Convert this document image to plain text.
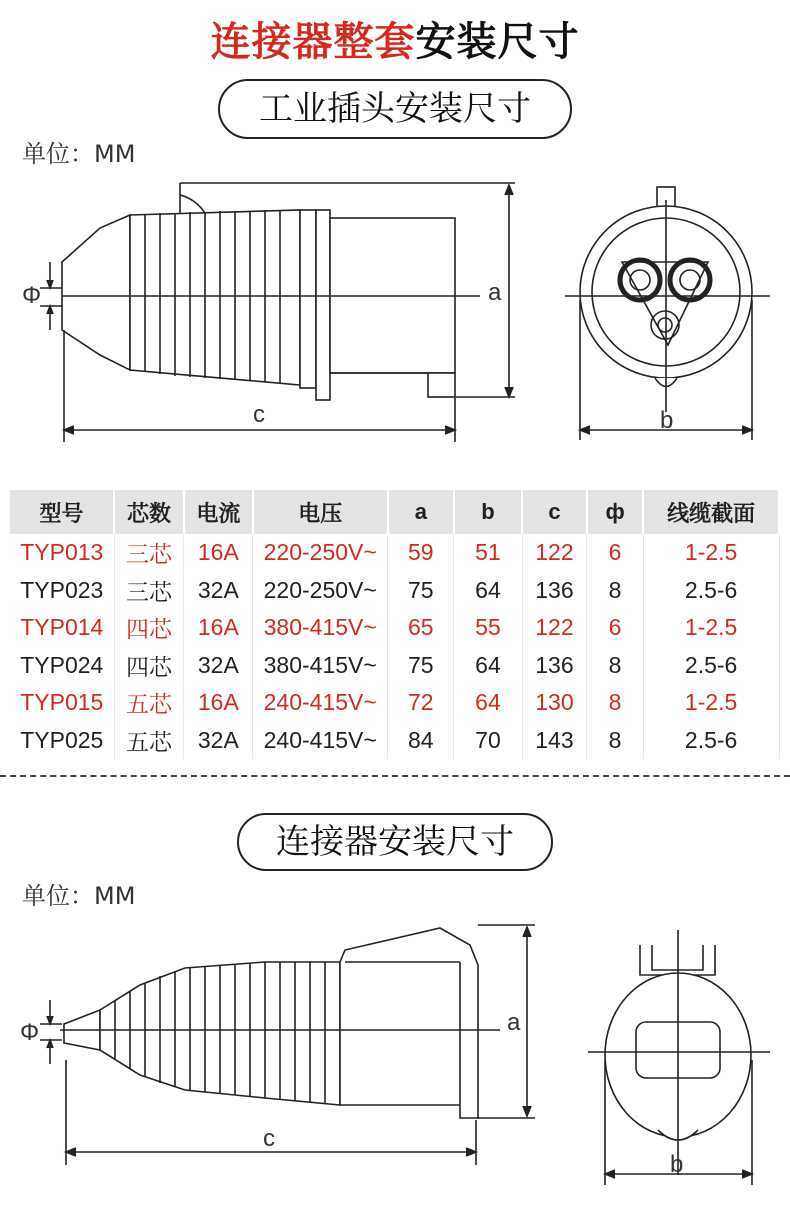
连接器整套安装尺寸
工业插头安装尺寸
单位：MM
Φ	a
c	b
型号	芯数	电流	电压	a	b	c	ф	线缆截面
TYP013	三芯	16A	220-250V~	59	51	122	6	1-2.5
TYP023	三芯	32A	220-250V~	75	64	136	8	2.5-6
TYP014	四芯	16A	380-415V~	65	55	122	6	1-2.5
TYP024	四芯	32A	380-415V~	75	64	136	8	2.5-6
TYP015	五芯	16A	240-415V~	72	64	130	8	1-2.5
TYP025	五芯	32A	240-415V~	84	70	143	8	2.5-6
连接器安装尺寸
单位：MM
Φ	a
c
b
